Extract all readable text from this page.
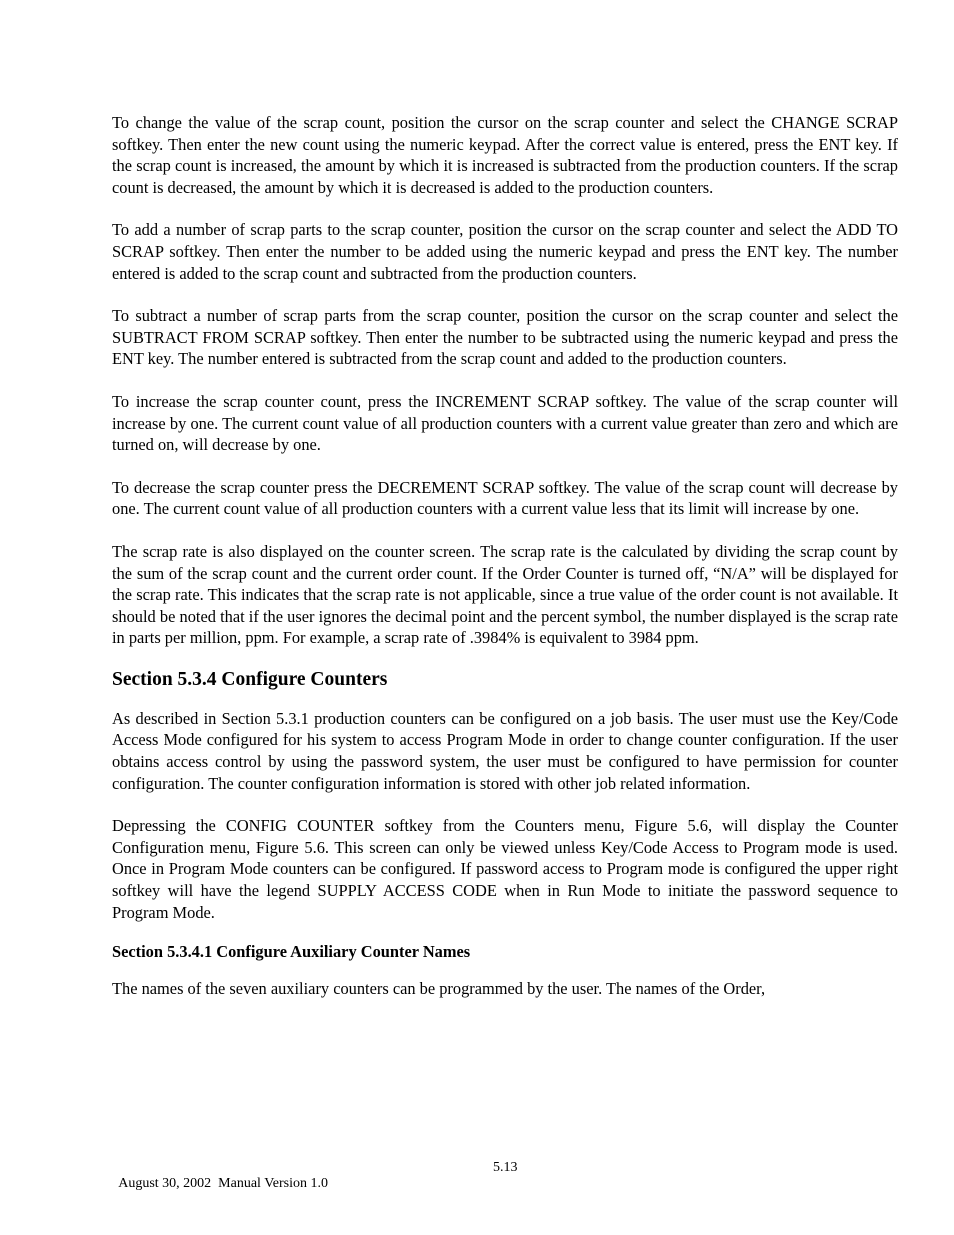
To change the value of the scrap count, position the cursor on the scrap counter and select the CHANGE SCRAP softkey. Then enter the new count using the numeric keypad. After the correct value is entered, press the ENT key. If the scrap count is increased, the amount by which it is increased is subtracted from the production counters. If the scrap count is decreased, the amount by which it is decreased is added to the production counters.

To add a number of scrap parts to the scrap counter, position the cursor on the scrap counter and select the ADD TO SCRAP softkey. Then enter the number to be added using the numeric keypad and press the ENT key. The number entered is added to the scrap count and subtracted from the production counters.

To subtract a number of scrap parts from the scrap counter, position the cursor on the scrap counter and select the SUBTRACT FROM SCRAP softkey. Then enter the number to be subtracted using the numeric keypad and press the ENT key. The number entered is subtracted from the scrap count and added to the production counters.

To increase the scrap counter count, press the INCREMENT SCRAP softkey. The value of the scrap counter will increase by one. The current count value of all production counters with a current value greater than zero and which are turned on, will decrease by one.

To decrease the scrap counter press the DECREMENT SCRAP softkey. The value of the scrap count will decrease by one. The current count value of all production counters with a current value less that its limit will increase by one.

The scrap rate is also displayed on the counter screen. The scrap rate is the calculated by dividing the scrap count by the sum of the scrap count and the current order count. If the Order Counter is turned off, “N/A” will be displayed for the scrap rate. This indicates that the scrap rate is not applicable, since a true value of the order count is not available. It should be noted that if the user ignores the decimal point and the percent symbol, the number displayed is the scrap rate in parts per million, ppm. For example, a scrap rate of .3984% is equivalent to 3984 ppm.

Section 5.3.4 Configure Counters

As described in Section 5.3.1 production counters can be configured on a job basis. The user must use the Key/Code Access Mode configured for his system to access Program Mode in order to change counter configuration. If the user obtains access control by using the password system, the user must be configured to have permission for counter configuration. The counter configuration information is stored with other job related information.

Depressing the CONFIG COUNTER softkey from the Counters menu, Figure 5.6, will display the Counter Configuration menu, Figure 5.6. This screen can only be viewed unless Key/Code Access to Program mode is used. Once in Program Mode counters can be configured. If password access to Program mode is configured the upper right softkey will have the legend SUPPLY ACCESS CODE when in Run Mode to initiate the password sequence to Program Mode.

Section 5.3.4.1 Configure Auxiliary Counter Names

The names of the seven auxiliary counters can be programmed by the user. The names of the Order,

August 30, 2002  Manual Version 1.0

5.13
